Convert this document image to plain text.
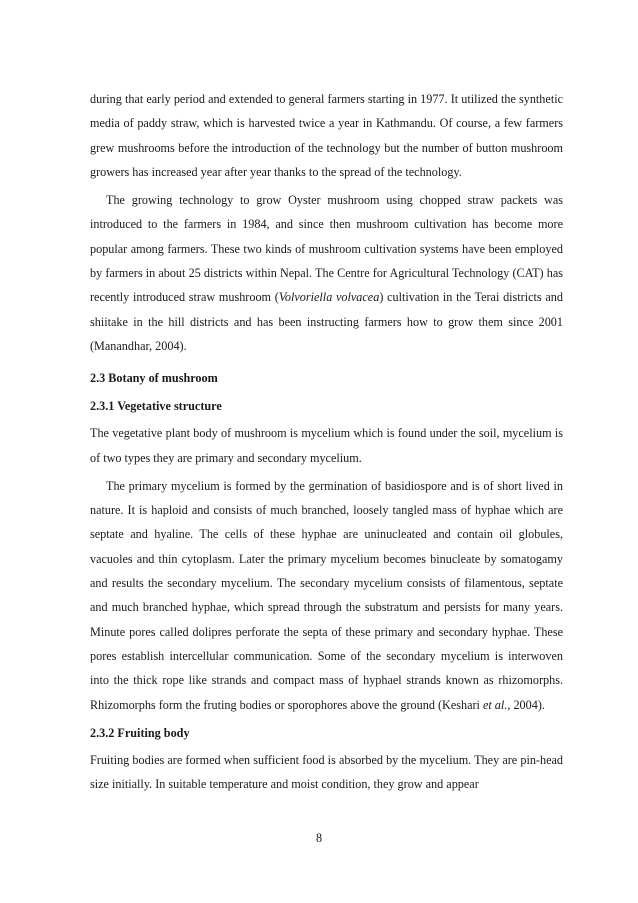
during that early period and extended to general farmers starting in 1977. It utilized the synthetic media of paddy straw, which is harvested twice a year in Kathmandu. Of course, a few farmers grew mushrooms before the introduction of the technology but the number of button mushroom growers has increased year after year thanks to the spread of the technology.

The growing technology to grow Oyster mushroom using chopped straw packets was introduced to the farmers in 1984, and since then mushroom cultivation has become more popular among farmers. These two kinds of mushroom cultivation systems have been employed by farmers in about 25 districts within Nepal. The Centre for Agricultural Technology (CAT) has recently introduced straw mushroom (Volvoriella volvacea) cultivation in the Terai districts and shiitake in the hill districts and has been instructing farmers how to grow them since 2001 (Manandhar, 2004).

2.3 Botany of mushroom
2.3.1 Vegetative structure

The vegetative plant body of mushroom is mycelium which is found under the soil, mycelium is of two types they are primary and secondary mycelium.

The primary mycelium is formed by the germination of basidiospore and is of short lived in nature. It is haploid and consists of much branched, loosely tangled mass of hyphae which are septate and hyaline. The cells of these hyphae are uninucleated and contain oil globules, vacuoles and thin cytoplasm. Later the primary mycelium becomes binucleate by somatogamy and results the secondary mycelium. The secondary mycelium consists of filamentous, septate and much branched hyphae, which spread through the substratum and persists for many years. Minute pores called dolipres perforate the septa of these primary and secondary hyphae. These pores establish intercellular communication. Some of the secondary mycelium is interwoven into the thick rope like strands and compact mass of hyphael strands known as rhizomorphs. Rhizomorphs form the fruting bodies or sporophores above the ground (Keshari et al., 2004).

2.3.2 Fruiting body

Fruiting bodies are formed when sufficient food is absorbed by the mycelium. They are pin-head size initially. In suitable temperature and moist condition, they grow and appear

8
